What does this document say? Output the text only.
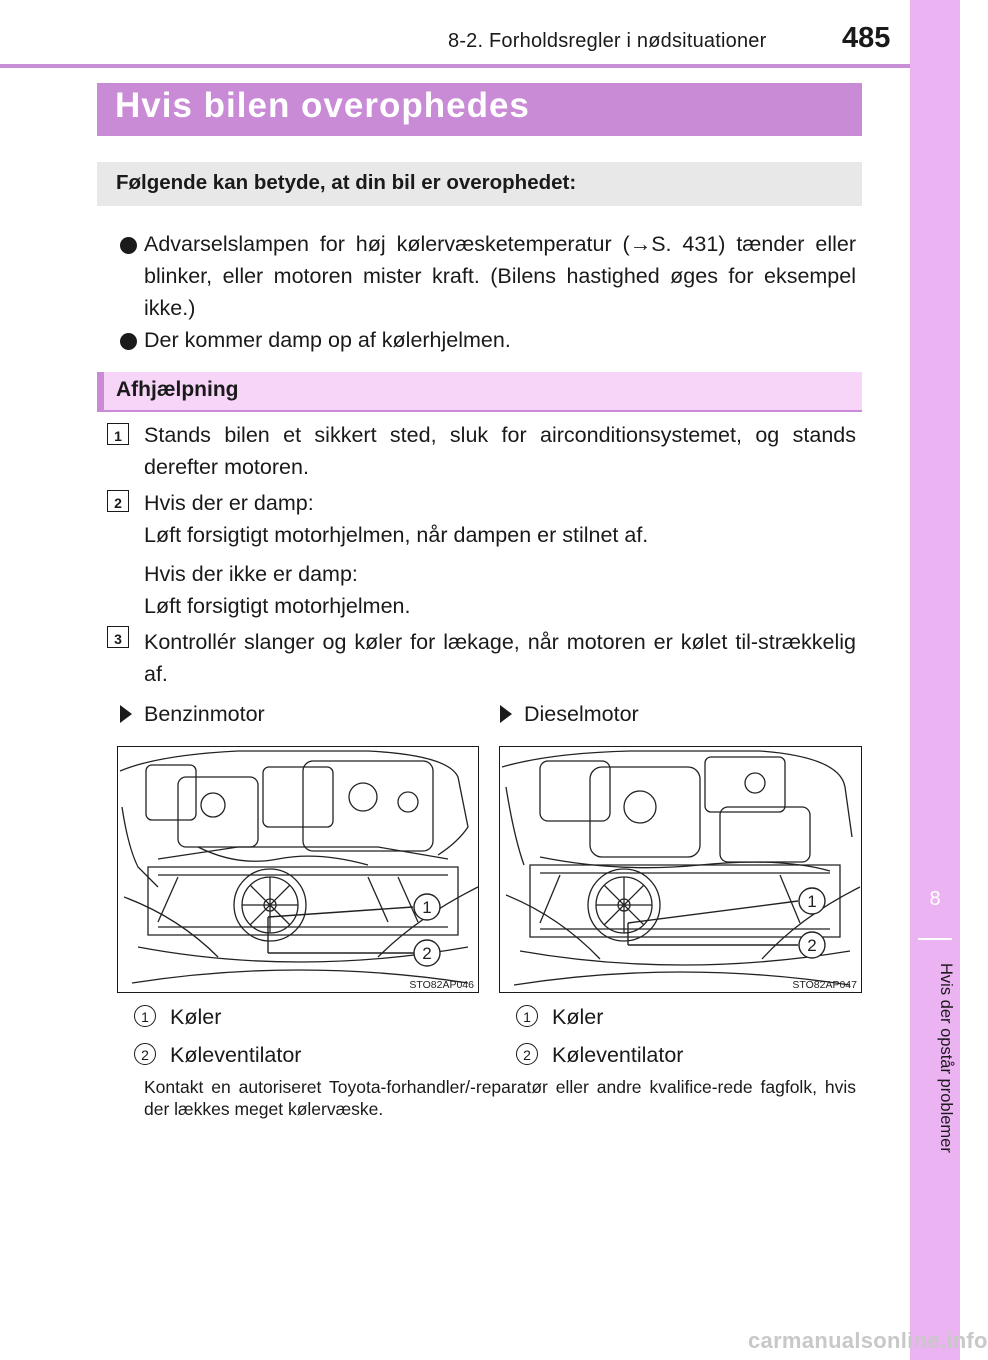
8-2. Forholdsregler i nødsituationer	485
8
Hvis der opstår problemer
Hvis bilen overophedes
Følgende kan betyde, at din bil er overophedet:
Advarselslampen for høj kølervæsketemperatur (→S. 431) tænder eller blinker, eller motoren mister kraft. (Bilens hastighed øges for eksempel ikke.)
Der kommer damp op af kølerhjelmen.
Afhjælpning
1	Stands bilen et sikkert sted, sluk for airconditionsystemet, og stands derefter motoren.
2	Hvis der er damp:
Løft forsigtigt motorhjelmen, når dampen er stilnet af.
Hvis der ikke er damp:
Løft forsigtigt motorhjelmen.
3	Kontrollér slanger og køler for lækage, når motoren er kølet til-strækkelig af.
Benzinmotor	Dieselmotor
1
2
STO82AP046
1
2
STO82AP047
1 Køler
2 Køleventilator
1 Køler
2 Køleventilator
Kontakt en autoriseret Toyota-forhandler/-reparatør eller andre kvalifice-rede fagfolk, hvis der lækkes meget kølervæske.
carmanualsonline.info
